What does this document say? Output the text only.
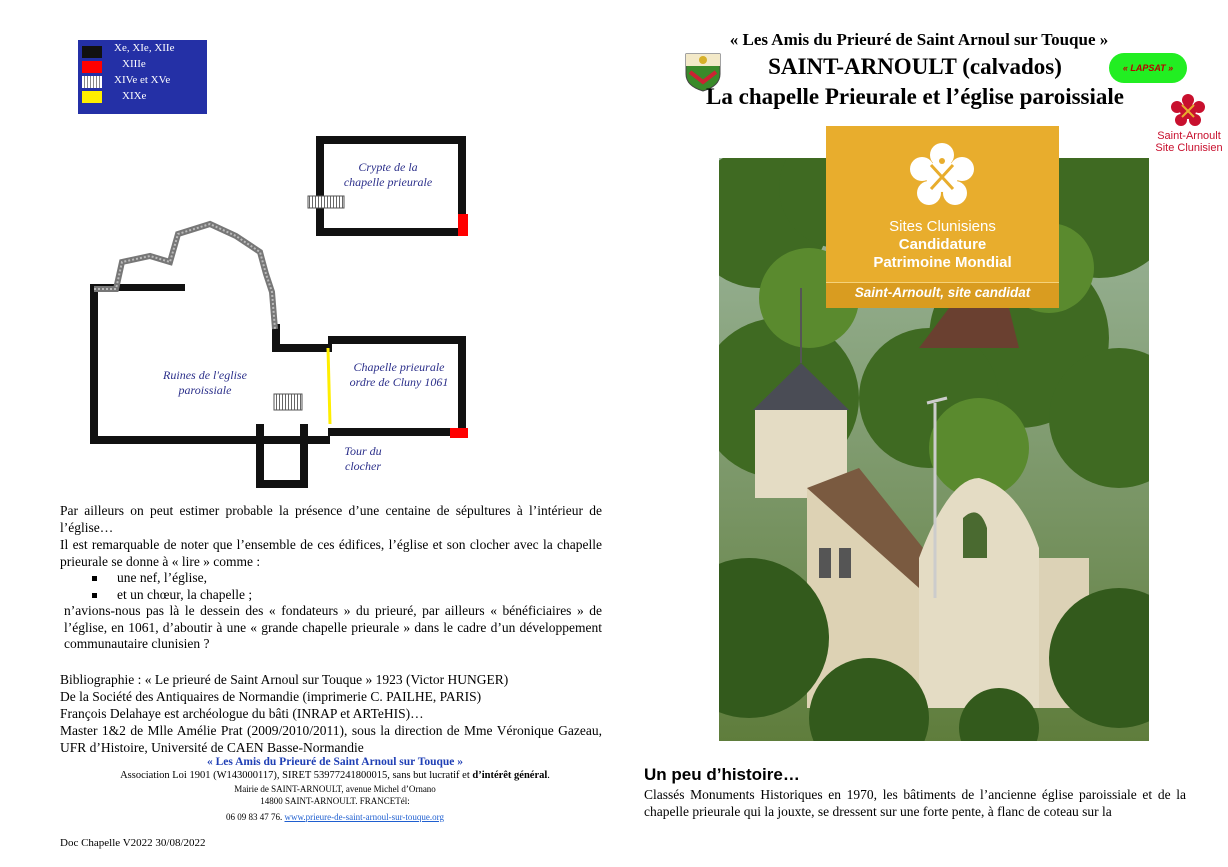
Xe, XIe, XIIe
XIIIe
XIVe et XVe
XIXe
Crypte de la chapelle prieurale
Ruines de l'eglise paroissiale
Chapelle prieurale ordre de Cluny 1061
Tour du clocher
Par ailleurs on peut estimer probable la présence d’une centaine de sépultures à l’intérieur de l’église…
Il est remarquable de noter que l’ensemble de ces édifices, l’église et son clocher avec la chapelle prieurale se donne à « lire » comme :
une nef, l’église,
et un chœur, la chapelle ;
n’avions-nous pas là le dessein des « fondateurs » du prieuré, par ailleurs « bénéficiaires » de l’église, en 1061, d’aboutir à une « grande chapelle prieurale » dans le cadre d’un développement communautaire clunisien ?
Bibliographie : « Le prieuré de Saint Arnoul sur Touque » 1923 (Victor HUNGER)
De la Société des Antiquaires de Normandie (imprimerie C. PAILHE, PARIS)
François Delahaye est archéologue du bâti (INRAP et ARTeHIS)…
Master 1&2 de Mlle Amélie Prat (2009/2010/2011), sous la direction de Mme Véronique Gazeau, UFR d’Histoire, Université de CAEN Basse-Normandie
« Les Amis du Prieuré de Saint Arnoul sur Touque »
Association Loi 1901 (W143000117), SIRET 53977241800015, sans but lucratif et d’intérêt général.
Mairie de SAINT-ARNOULT, avenue Michel d’Ornano
14800 SAINT-ARNOULT. FRANCETél:
06 09 83 47 76. www.prieure-de-saint-arnoul-sur-touque.org
Doc Chapelle V2022 30/08/2022
« Les Amis du Prieuré de Saint Arnoul sur Touque »
SAINT-ARNOULT (calvados)	« LAPSAT »
La chapelle Prieurale et l’église paroissiale
Saint-Arnoult
Site Clunisien
Sites Clunisiens
Candidature
Patrimoine Mondial
Saint-Arnoult, site candidat
Un peu d’histoire…
Classés Monuments Historiques en 1970, les bâtiments de l’ancienne église paroissiale et de la chapelle prieurale qui la jouxte, se dressent sur une forte pente, à flanc de coteau sur la
